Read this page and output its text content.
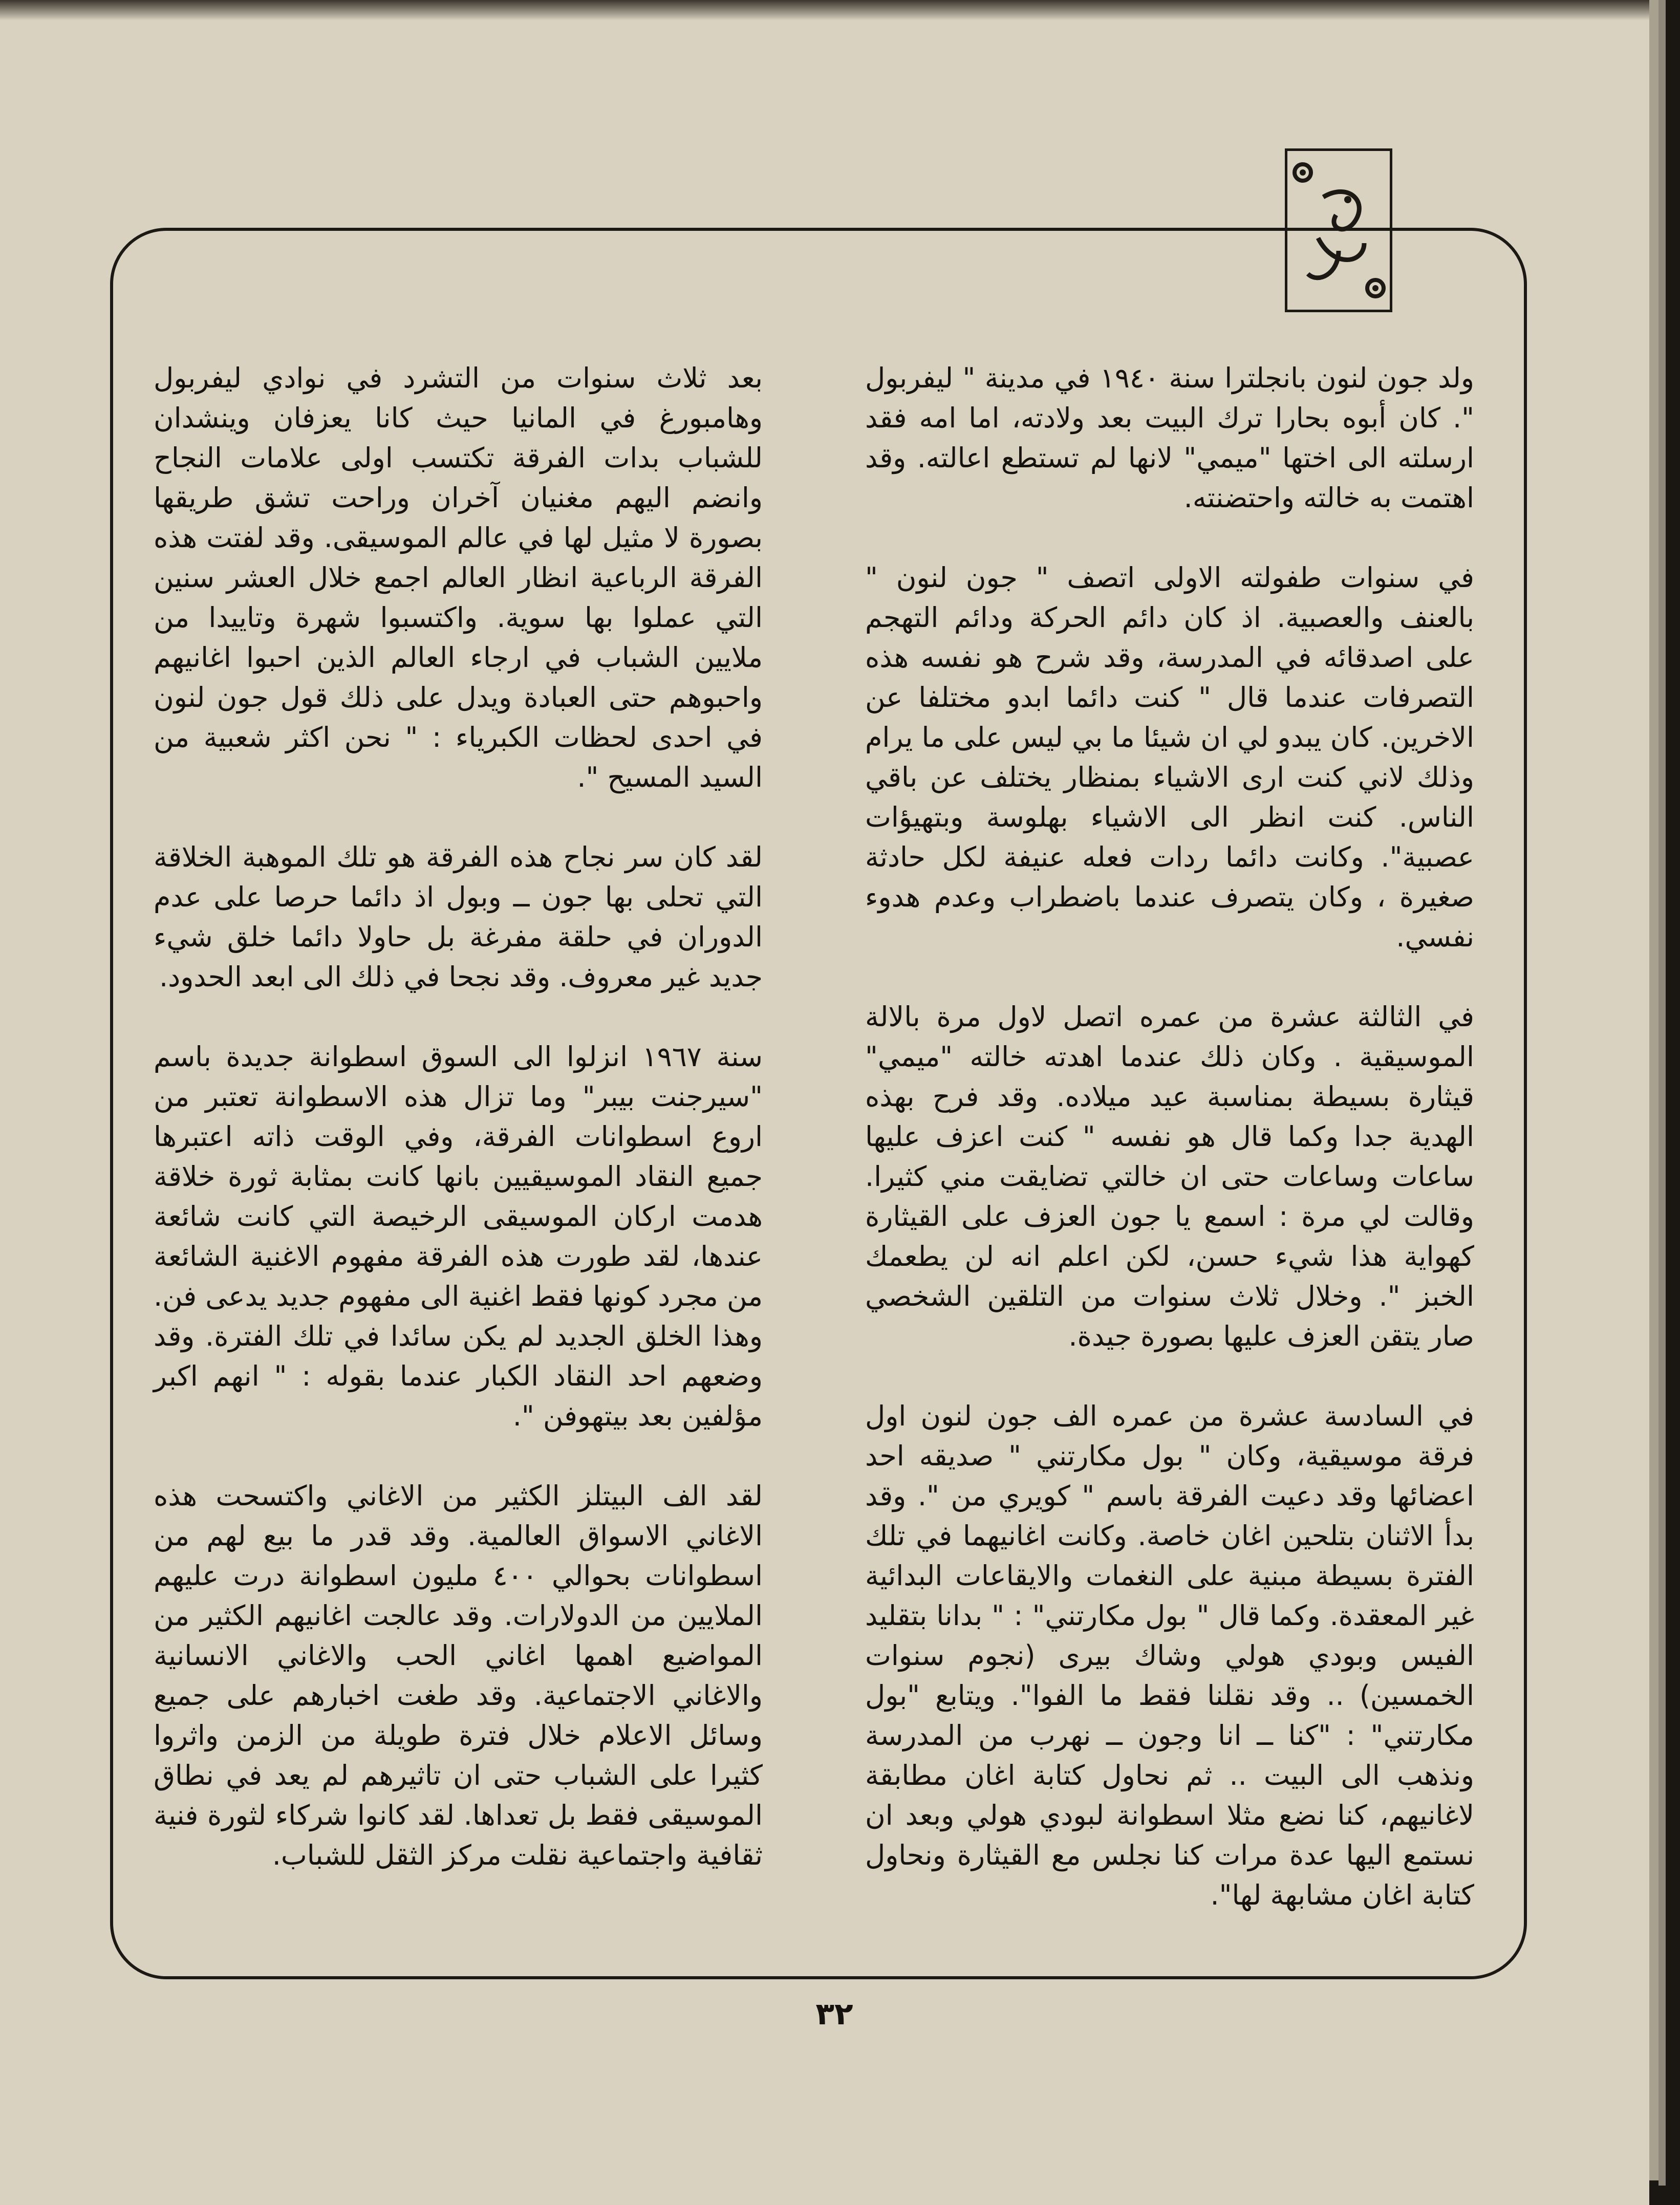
ولد جون لنون بانجلترا سنة ١٩٤٠ في مدينة " ليفربول ". كان أبوه بحارا ترك البيت بعد ولادته، اما امه فقد ارسلته الى اختها "ميمي" لانها لم تستطع اعالته. وقد اهتمت به خالته واحتضنته.

في سنوات طفولته الاولى اتصف " جون لنون " بالعنف والعصبية. اذ كان دائم الحركة ودائم التهجم على اصدقائه في المدرسة، وقد شرح هو نفسه هذه التصرفات عندما قال " كنت دائما ابدو مختلفا عن الاخرين. كان يبدو لي ان شيئا ما بي ليس على ما يرام وذلك لاني كنت ارى الاشياء بمنظار يختلف عن باقي الناس. كنت انظر الى الاشياء بهلوسة وبتهيؤات عصبية". وكانت دائما ردات فعله عنيفة لكل حادثة صغيرة ، وكان يتصرف عندما باضطراب وعدم هدوء نفسي.

في الثالثة عشرة من عمره اتصل لاول مرة بالالة الموسيقية . وكان ذلك عندما اهدته خالته "ميمي" قيثارة بسيطة بمناسبة عيد ميلاده. وقد فرح بهذه الهدية جدا وكما قال هو نفسه " كنت اعزف عليها ساعات وساعات حتى ان خالتي تضايقت مني كثيرا. وقالت لي مرة : اسمع يا جون العزف على القيثارة كهواية هذا شيء حسن، لكن اعلم انه لن يطعمك الخبز ". وخلال ثلاث سنوات من التلقين الشخصي صار يتقن العزف عليها بصورة جيدة.

في السادسة عشرة من عمره الف جون لنون اول فرقة موسيقية، وكان " بول مكارتني " صديقه احد اعضائها وقد دعيت الفرقة باسم " كويري من ". وقد بدأ الاثنان بتلحين اغان خاصة. وكانت اغانيهما في تلك الفترة بسيطة مبنية على النغمات والايقاعات البدائية غير المعقدة. وكما قال " بول مكارتني" : " بدانا بتقليد الفيس وبودي هولي وشاك بيرى (نجوم سنوات الخمسين) .. وقد نقلنا فقط ما الفوا". ويتابع "بول مكارتني" : "كنا ــ انا وجون ــ نهرب من المدرسة ونذهب الى البيت .. ثم نحاول كتابة اغان مطابقة لاغانيهم، كنا نضع مثلا اسطوانة لبودي هولي وبعد ان نستمع اليها عدة مرات كنا نجلس مع القيثارة ونحاول كتابة اغان مشابهة لها".

بعد ثلاث سنوات من التشرد في نوادي ليفربول وهامبورغ في المانيا حيث كانا يعزفان وينشدان للشباب بدات الفرقة تكتسب اولى علامات النجاح وانضم اليهم مغنيان آخران وراحت تشق طريقها بصورة لا مثيل لها في عالم الموسيقى. وقد لفتت هذه الفرقة الرباعية انظار العالم اجمع خلال العشر سنين التي عملوا بها سوية. واكتسبوا شهرة وتاييدا من ملايين الشباب في ارجاء العالم الذين احبوا اغانيهم واحبوهم حتى العبادة ويدل على ذلك قول جون لنون في احدى لحظات الكبرياء : " نحن اكثر شعبية من السيد المسيح ".

لقد كان سر نجاح هذه الفرقة هو تلك الموهبة الخلاقة التي تحلى بها جون ــ وبول اذ دائما حرصا على عدم الدوران في حلقة مفرغة بل حاولا دائما خلق شيء جديد غير معروف. وقد نجحا في ذلك الى ابعد الحدود.

سنة ١٩٦٧ انزلوا الى السوق اسطوانة جديدة باسم "سيرجنت بيبر" وما تزال هذه الاسطوانة تعتبر من اروع اسطوانات الفرقة، وفي الوقت ذاته اعتبرها جميع النقاد الموسيقيين بانها كانت بمثابة ثورة خلاقة هدمت اركان الموسيقى الرخيصة التي كانت شائعة عندها، لقد طورت هذه الفرقة مفهوم الاغنية الشائعة من مجرد كونها فقط اغنية الى مفهوم جديد يدعى فن. وهذا الخلق الجديد لم يكن سائدا في تلك الفترة. وقد وضعهم احد النقاد الكبار عندما بقوله : " انهم اكبر مؤلفين بعد بيتهوفن ".

لقد الف البيتلز الكثير من الاغاني واكتسحت هذه الاغاني الاسواق العالمية. وقد قدر ما بيع لهم من اسطوانات بحوالي ٤٠٠ مليون اسطوانة درت عليهم الملايين من الدولارات. وقد عالجت اغانيهم الكثير من المواضيع اهمها اغاني الحب والاغاني الانسانية والاغاني الاجتماعية. وقد طغت اخبارهم على جميع وسائل الاعلام خلال فترة طويلة من الزمن واثروا كثيرا على الشباب حتى ان تاثيرهم لم يعد في نطاق الموسيقى فقط بل تعداها. لقد كانوا شركاء لثورة فنية ثقافية واجتماعية نقلت مركز الثقل للشباب.

٣٢
